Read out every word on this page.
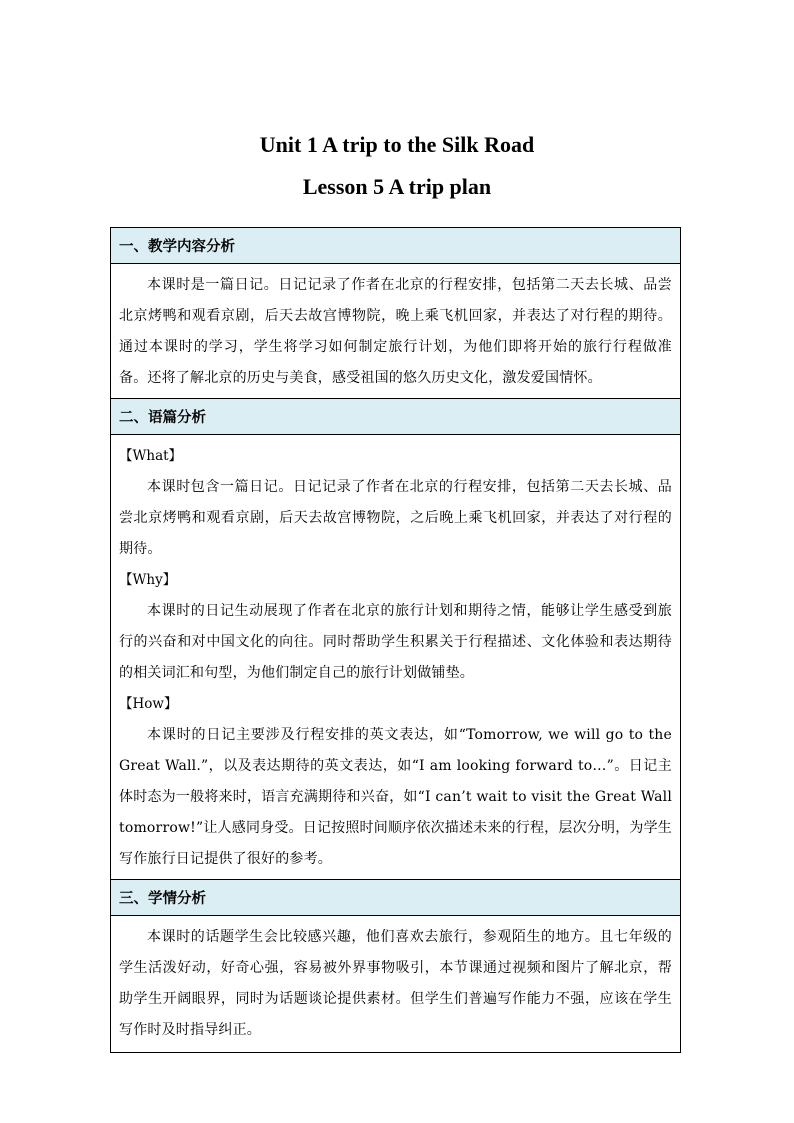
Unit 1 A trip to the Silk Road
Lesson 5 A trip plan
一、教学内容分析

本课时是一篇日记。日记记录了作者在北京的行程安排，包括第二天去长城、品尝北京烤鸭和观看京剧，后天去故宫博物院，晚上乘飞机回家，并表达了对行程的期待。通过本课时的学习，学生将学习如何制定旅行计划，为他们即将开始的旅行行程做准备。还将了解北京的历史与美食，感受祖国的悠久历史文化，激发爱国情怀。

二、语篇分析

【What】

本课时包含一篇日记。日记记录了作者在北京的行程安排，包括第二天去长城、品尝北京烤鸭和观看京剧，后天去故宫博物院，之后晚上乘飞机回家，并表达了对行程的期待。

【Why】

本课时的日记生动展现了作者在北京的旅行计划和期待之情，能够让学生感受到旅行的兴奋和对中国文化的向往。同时帮助学生积累关于行程描述、文化体验和表达期待的相关词汇和句型，为他们制定自己的旅行计划做铺垫。

【How】

本课时的日记主要涉及行程安排的英文表达，如“Tomorrow, we will go to the Great Wall.”，以及表达期待的英文表达，如“I am looking forward to…”。日记主体时态为一般将来时，语言充满期待和兴奋，如“I can’t wait to visit the Great Wall tomorrow!”让人感同身受。日记按照时间顺序依次描述未来的行程，层次分明，为学生写作旅行日记提供了很好的参考。

三、学情分析

本课时的话题学生会比较感兴趣，他们喜欢去旅行，参观陌生的地方。且七年级的学生活泼好动，好奇心强，容易被外界事物吸引，本节课通过视频和图片了解北京，帮助学生开阔眼界，同时为话题谈论提供素材。但学生们普遍写作能力不强，应该在学生写作时及时指导纠正。
